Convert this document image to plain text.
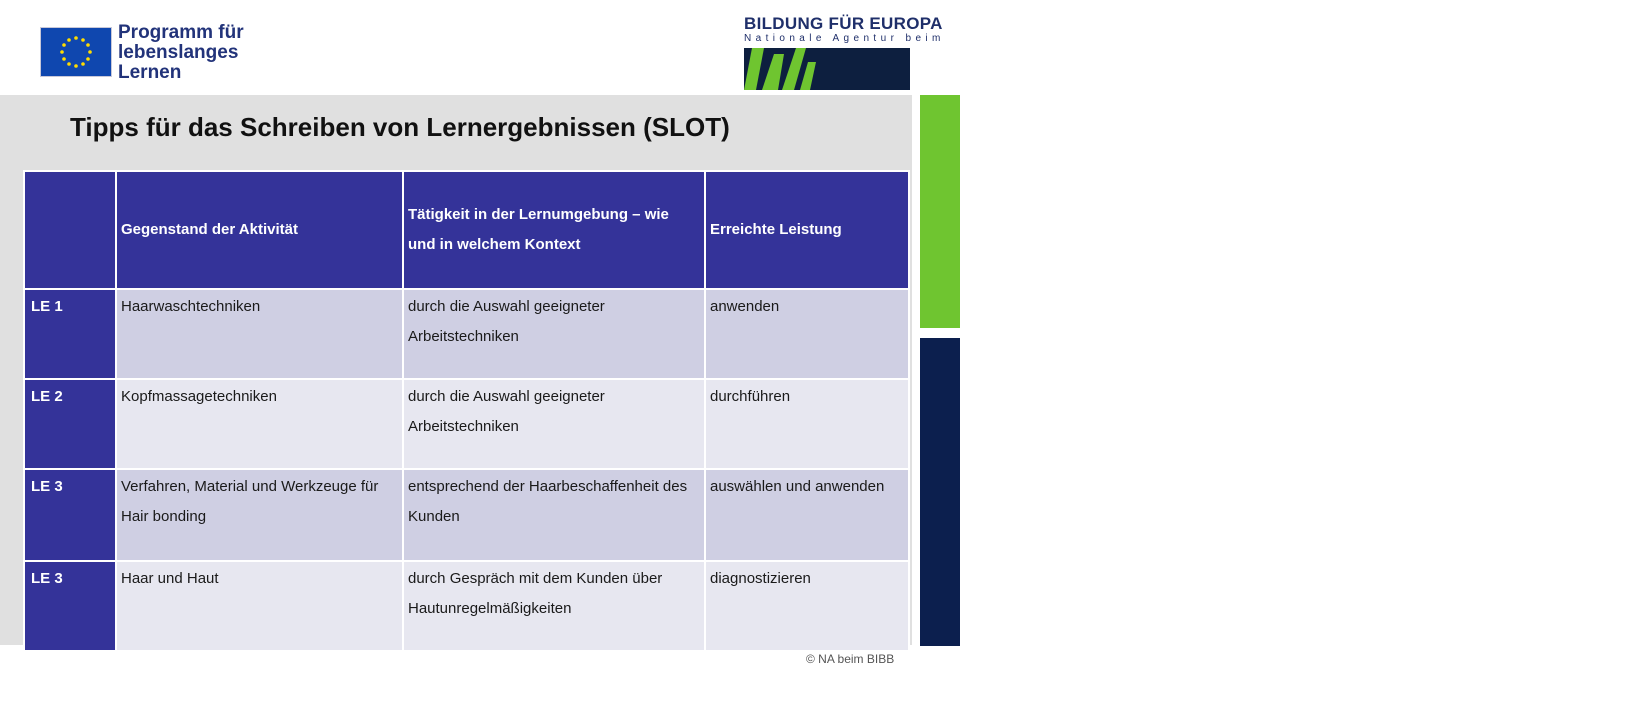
Programm für
lebenslanges
Lernen
BILDUNG FÜR EUROPA
Nationale Agentur beim
Bundesinstitut
für Berufsbildung
BiBB
Tipps für das Schreiben von Lernergebnissen (SLOT)
	Gegenstand der Aktivität	Tätigkeit in der Lernumgebung – wie und in welchem Kontext	Erreichte Leistung
LE 1	Haarwaschtechniken	durch die Auswahl geeigneter Arbeitstechniken	anwenden
LE 2	Kopfmassagetechniken	durch die Auswahl geeigneter Arbeitstechniken	durchführen
LE 3	Verfahren, Material und Werkzeuge für Hair bonding	entsprechend der Haarbeschaffenheit des Kunden	auswählen und anwenden
LE 3	Haar und Haut	durch Gespräch mit dem Kunden über Hautunregelmäßigkeiten	diagnostizieren
© NA beim BIBB
